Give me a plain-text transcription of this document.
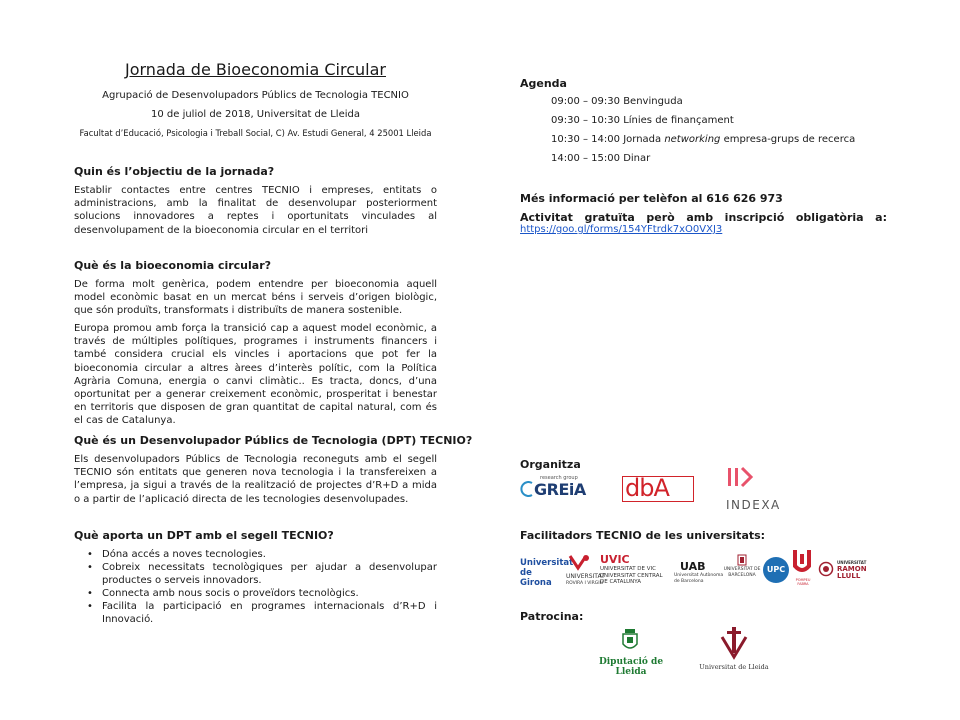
Jornada de Bioeconomia Circular
Agrupació de Desenvolupadors Públics de Tecnologia TECNIO
10 de juliol de 2018, Universitat de Lleida
Facultat d’Educació, Psicologia i Treball Social, C) Av. Estudi General, 4 25001 Lleida
Quin és l’objectiu de la jornada?
Establir contactes entre centres TECNIO i empreses, entitats o administracions, amb la finalitat de desenvolupar posteriorment solucions innovadores a reptes i oportunitats vinculades al desenvolupament de la bioeconomia circular en el territori
Què és la bioeconomia circular?
De forma molt genèrica, podem entendre per bioeconomia aquell model econòmic basat en un mercat béns i serveis d’origen biològic, que són produïts, transformats i distribuïts de manera sostenible.
Europa promou amb força la transició cap a aquest model econòmic, a través de múltiples polítiques, programes i instruments financers i també considera crucial els vincles i aportacions que pot fer la bioeconomia circular a altres àrees d’interès polític, com la Política Agrària Comuna, energia o canvi climàtic.. Es tracta, doncs, d’una oportunitat per a generar creixement econòmic, prosperitat i benestar en territoris que disposen de gran quantitat de capital natural, com és el cas de Catalunya.
Què és un Desenvolupador Públics de Tecnologia (DPT) TECNIO?
Els desenvolupadors Públics de Tecnologia reconeguts amb el segell TECNIO són entitats que generen nova tecnologia i la transfereixen a l’empresa, ja sigui a través de la realització de projectes d’R+D a mida o a partir de l’aplicació directa de les tecnologies desenvolupades.
Què aporta un DPT amb el segell TECNIO?
• Dóna accés a noves tecnologies.
• Cobreix necessitats tecnològiques per ajudar a desenvolupar productes o serveis innovadors.
• Connecta amb nous socis o proveïdors tecnològics.
• Facilita la participació en programes internacionals d’R+D i Innovació.
Agenda
09:00 – 09:30 Benvinguda
09:30 – 10:30 Línies de finançament
10:30 – 14:00 Jornada networking empresa-grups de recerca
14:00 – 15:00 Dinar
Més informació per telèfon al 616 626 973
Activitat gratuïta però amb inscripció obligatòria a:
https://goo.gl/forms/154YFtrdk7xO0VXJ3
Organitza
research group
GREiA dbA
INDEXA
Facilitadors TECNIO de les universitats:
Universitat
de Girona
UNIVERSITAT
ROVIRA I VIRGILI
UVIC
UNIVERSITAT DE VIC
UNIVERSITAT CENTRAL
DE CATALUNYA
UAB
Universitat Autònoma
de Barcelona
UNIVERSITAT DE
BARCELONA
UPC
POMPEU FABRA
UNIVERSITAT
RAMON
LLULL
Patrocina:
Diputació de Lleida	Universitat de Lleida
